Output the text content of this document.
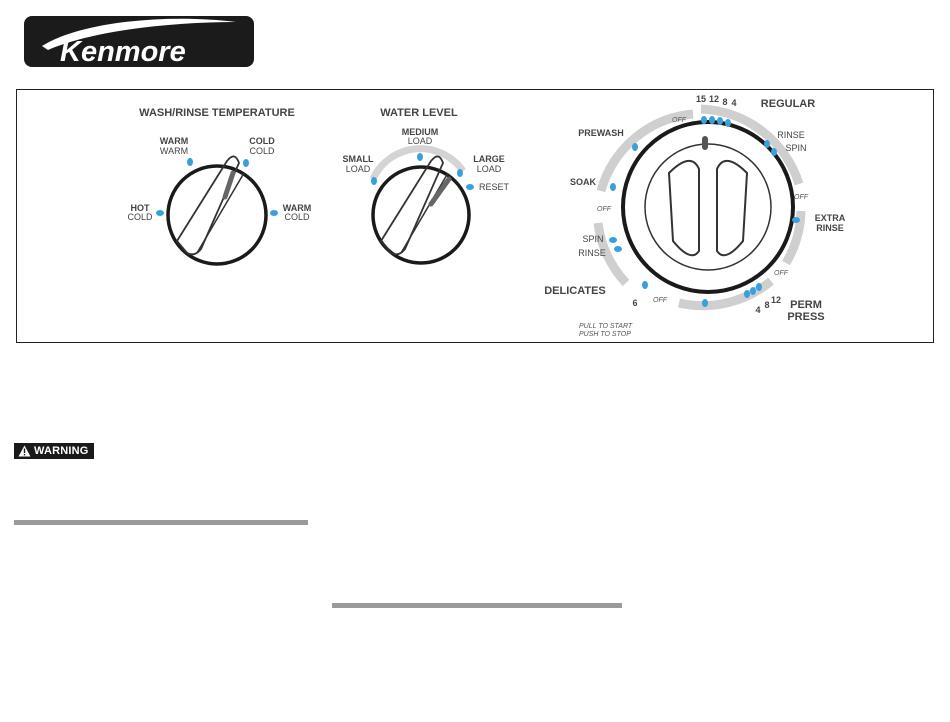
Kenmore
WASH/RINSE TEMPERATURE
WARM
WARM
COLD
COLD
HOT
COLD
WARM
COLD
WATER LEVEL
MEDIUM
LOAD
SMALL
LOAD
LARGE
LOAD
RESET
REGULAR
15 12 8 4
OFF
PREWASH
SOAK
OFF
RINSE
SPIN
OFF
EXTRA
RINSE
OFF
PERM
PRESS
4 8 12
SPIN
RINSE
DELICATES
6 OFF
PULL TO START
PUSH TO STOP
WARNING
